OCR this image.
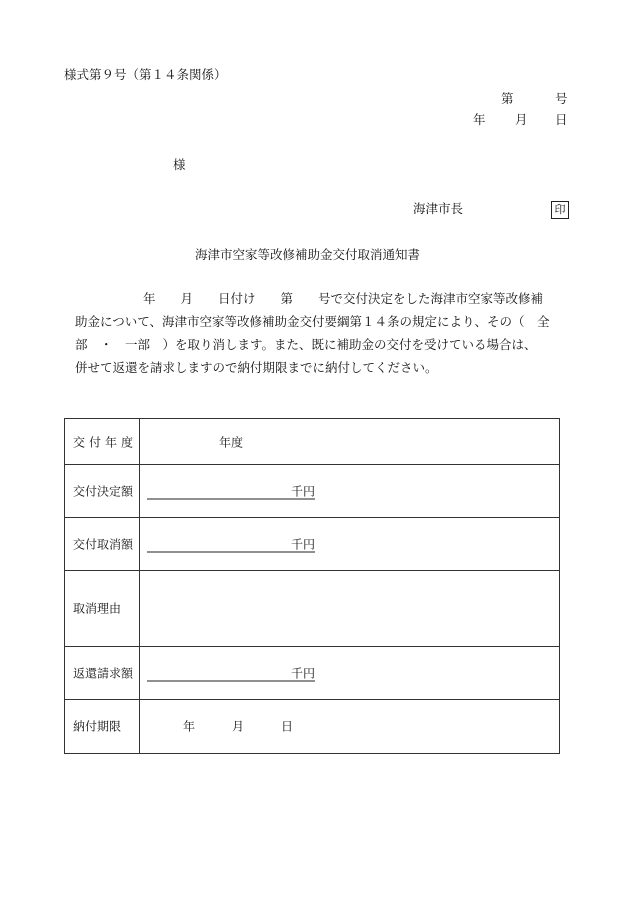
様式第９号（第１４条関係）
第	号
年 月 日
様
海津市長	印
海津市空家等改修補助金交付取消通知書
年　　月　　日付け　　第　　号で交付決定をした海津市空家等改修補
助金について、海津市空家等改修補助金交付要綱第１４条の規定により、その（　全
部　・　一部　）を取り消します。また、既に補助金の交付を受けている場合は、
併せて返還を請求しますので納付期限までに納付してください。
交付年度	年度
交付決定額	千円
交付取消額	千円
取消理由
返還請求額	千円
納付期限	年	月	日
